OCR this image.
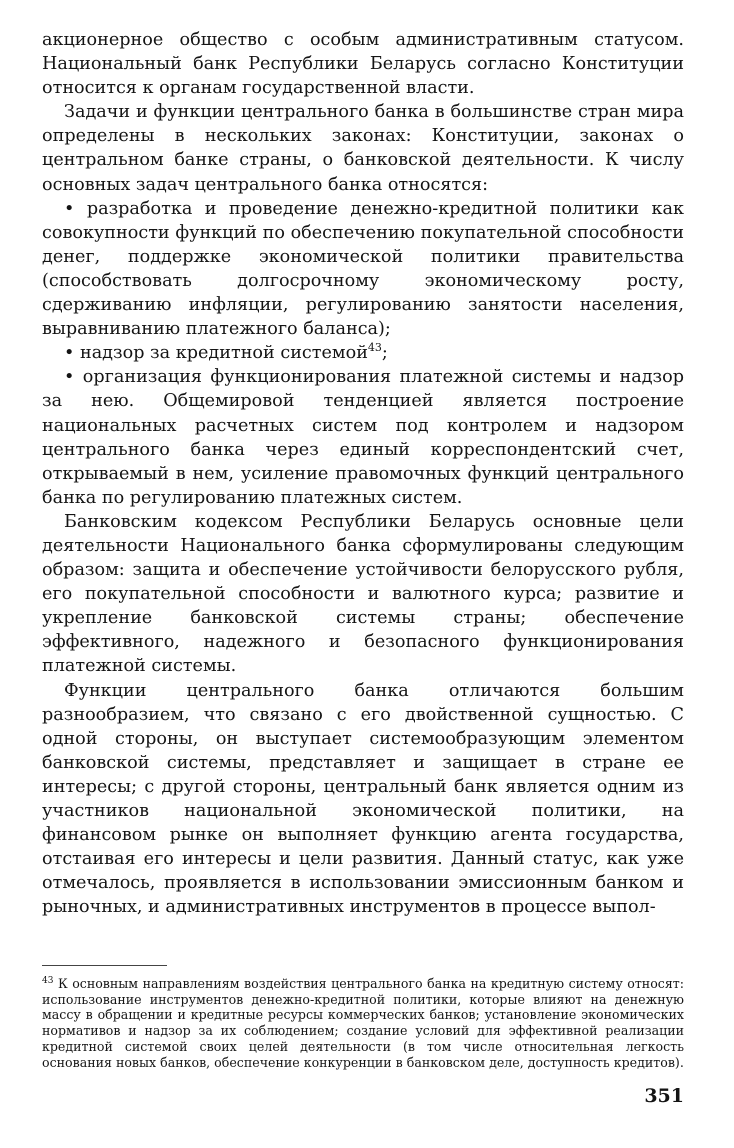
акционерное общество с особым административным статусом. Национальный банк Республики Беларусь согласно Конституции относится к органам государственной власти.

Задачи и функции центрального банка в большинстве стран мира определены в нескольких законах: Конституции, законах о центральном банке страны, о банковской деятельности. К числу основных задач центрального банка относятся:

• разработка и проведение денежно-кредитной политики как совокупности функций по обеспечению покупательной способности денег, поддержке экономической политики правительства (способствовать долгосрочному экономическому росту, сдерживанию инфляции, регулированию занятости населения, выравниванию платежного баланса);

• надзор за кредитной системой$^{43}$;

• организация функционирования платежной системы и надзор за нею. Общемировой тенденцией является построение национальных расчетных систем под контролем и надзором центрального банка через единый корреспондентский счет, открываемый в нем, усиление правомочных функций центрального банка по регулированию платежных систем.

Банковским кодексом Республики Беларусь основные цели деятельности Национального банка сформулированы следующим образом: защита и обеспечение устойчивости белорусского рубля, его покупательной способности и валютного курса; развитие и укрепление банковской системы страны; обеспечение эффективного, надежного и безопасного функционирования платежной системы.

Функции центрального банка отличаются большим разнообразием, что связано с его двойственной сущностью. С одной стороны, он выступает системообразующим элементом банковской системы, представляет и защищает в стране ее интересы; с другой стороны, центральный банк является одним из участников национальной экономической политики, на финансовом рынке он выполняет функцию агента государства, отстаивая его интересы и цели развития. Данный статус, как уже отмечалось, проявляется в использовании эмиссионным банком и рыночных, и административных инструментов в процессе выпол-

$^{43}$ К основным направлениям воздействия центрального банка на кредитную систему относят: использование инструментов денежно-кредитной политики, которые влияют на денежную массу в обращении и кредитные ресурсы коммерческих банков; установление экономических нормативов и надзор за их соблюдением; создание условий для эффективной реализации кредитной системой своих целей деятельности (в том числе относительная легкость основания новых банков, обеспечение конкуренции в банковском деле, доступность кредитов).

351
